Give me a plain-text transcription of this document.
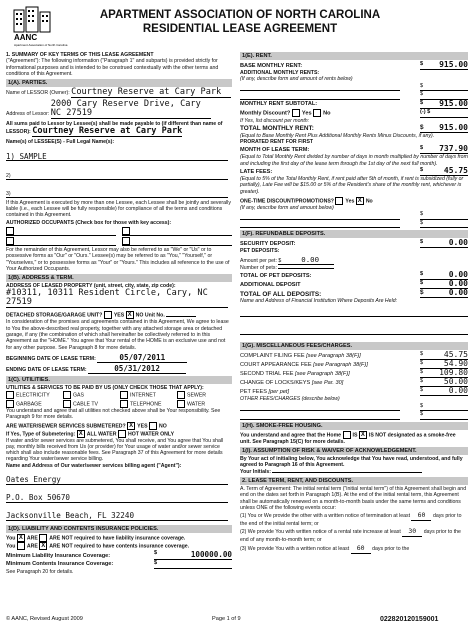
AANC
Apartment Association of North Carolina
APARTMENT ASSOCIATION OF NORTH CAROLINA
RESIDENTIAL LEASE AGREEMENT
1. SUMMARY OF KEY TERMS OF THIS LEASE AGREEMENT
("Agreement"): The following information ("Paragraph 1" and subparts) is provided strictly for informational purposes and is intended to be construed contextually with the other terms and conditions of this Agreement.
1(A). PARTIES.
Name of LESSOR (Owner): Courtney Reserve at Cary Park
Address of Lessor: 2000 Cary Reserve Drive, Cary NC 27519
All sums paid to Lessor by Lessee(s) shall be made payable to (if different than name of LESSOR): Courtney Reserve at Cary Park
Name(s) of LESSEE(S) - Full Legal Name(s):
1) SAMPLE 2) 3)
If this Agreement is executed by more than one Lessee, each Lessee shall be jointly and severally liable (i.e., each Lessee will be fully responsible) for compliance of all the terms and conditions contained in this Agreement.
AUTHORIZED OCCUPANTS (Check box for those with key access):
For the remainder of this Agreement, Lessor may also be referred to as "We" or "Us" or to possessive forms as "Our" or "Ours." Lessee(s) may be referred to as "You," "Yourself," or "Yourselves," or to possessive forms as "Your" or "Yours." This includes all reference to the use of Your Authorized Occupants.
1(B). ADDRESS & TERM.
ADDRESS OF LEASED PROPERTY (unit, street, city, state, zip code):
#10311, 10311 Resident Circle, Cary, NC 27519
DETACHED STORAGE/GARAGE UNIT? YES X NO Unit No.
In consideration of the promises and agreements contained in this Agreement, We agree to lease to You the above-described real property, together with any attached storage area or detached garage, if any (the combination of which shall hereinafter be collectively referred to in this Agreement as the "HOME." You agree that Your rental of the HOME is an exclusive use and not for any other purpose. See Paragraph 8 for more details.
BEGINNING DATE OF LEASE TERM:	05/07/2011
ENDING DATE OF LEASE TERM:	05/31/2012
1(C). UTILITIES.
UTILITIES & SERVICES TO BE PAID BY US (ONLY CHECK THOSE THAT APPLY):
ELECTRICITY	GAS	INTERNET	SEWER
GARBAGE	CABLE TV	TELEPHONE	WATER
You understand and agree that all utilities not checked above shall be Your responsibility. See Paragraph 9 for more details.
ARE WATER/SEWER SERVICES SUBMETERED? X YES NO
If Yes, Type of Submetering: X ALL WATER HOT WATER ONLY
If water and/or sewer services are submetered, You shall receive, and You agree that You shall pay, monthly bills received from Us (or provider) for Your usage of water and/or sewer service which shall also include reasonable fees. See Paragraph 37 of this Agreement for more details regarding Your water/sewer service billing.
Name and Address of Our water/sewer services billing agent ("Agent"):
Oates Energy P.O. Box 50670 Jacksonville Beach, FL 32240
1(D). LIABILITY AND CONTENTS INSURANCE POLICIES.
You X ARE ARE NOT required to have liability insurance coverage.
You ARE X ARE NOT required to have contents insurance coverage.
Minimum Liability Insurance Coverage:	$	100000.00
Minimum Contents Insurance Coverage:	$
See Paragraph 20 for details.
1(E). RENT.
BASE MONTHLY RENT:	$ 915.00
ADDITIONAL MONTHLY RENTS:
(If any, describe form and amount of rents below)
$
$
MONTHLY RENT SUBTOTAL:	$ 915.00
Monthly Discount? Yes No	(-) $
If Yes, list discount per month:
TOTAL MONTHLY RENT:	$ 915.00
(Equal to Base Monthly Rent Plus Additional Monthly Rents Minus Discounts, if any).
PRORATED RENT FOR FIRST
MONTH OF LEASE TERM:	$ 737.90
(Equal to Total Monthly Rent divided by number of days in month multiplied by number of days from and including the first day of the lease term through the 1st day of the next full month).
LATE FEES:	$	45.75
(Equal to 5% of the Total Monthly Rent, if rent paid after 5th of month, if rent is subsidized (fully or partially), Late Fee will be $15.00 or 5% of the Resident's share of the monthly rent, whichever is greater).
ONE-TIME DISCOUNT/PROMOTIONS? Yes X No
(If any, describe form and amount below)
$
$
1(F). REFUNDABLE DEPOSITS.
SECURITY DEPOSIT:	$	0.00
PET DEPOSITS:
Amount per pet: $	0.00
Number of pets:
TOTAL OF PET DEPOSITS:	$	0.00
ADDITIONAL DEPOSIT	$	0.00
TOTAL OF ALL DEPOSITS:	$	0.00
Name and Address of Financial Institution Where Deposits Are Held:

1(G). MISCELLANEOUS FEES/CHARGES.
COMPLAINT FILING FEE [see Paragraph 38(F)]	$	45.75
COURT APPEARANCE FEE [see Paragraph 38(F)]	$	54.90
SECOND TRIAL FEE [see Paragraph 38(F)]	$ 109.80
CHANGE OF LOCKS/KEYS [see Par. 30]	$	50.00
PET FEES [per pet]	$	0.00
OTHER FEES/CHARGES (describe below)
$
$
1(H). SMOKE-FREE HOUSING.
You understand and agree that the Home IS X IS NOT designated as a smoke-free unit. See Paragraph 15(C) for more details.
1(I). ASSUMPTION OF RISK & WAIVER OF ACKNOWLEDGEMENT.
By Your act of initialing below, You acknowledge that You have read, understood, and fully agreed to Paragraph 16 of this Agreement.
Your Initials:
2. LEASE TERM, RENT, AND DISCOUNTS.
A. Term of Agreement: The initial rental term ("initial rental term") of this Agreement shall begin and end on the dates set forth in Paragraph 1(B). At the end of the initial rental term, this Agreement shall be automatically renewed on a month-to-month basis under the same terms and conditions unless ONE of the following events occur:
(1) You or We provide the other with a written notice of termination at least 60 days prior to the end of the initial rental term; or
(2) We provide You with written notice of a rental rate increase at least 30 days prior to the end of any month-to-month term; or
(3) We provide You with a written notice at least 60 days prior to the
© AANC, Revised August 2009	Page 1 of 9	022820120159001
